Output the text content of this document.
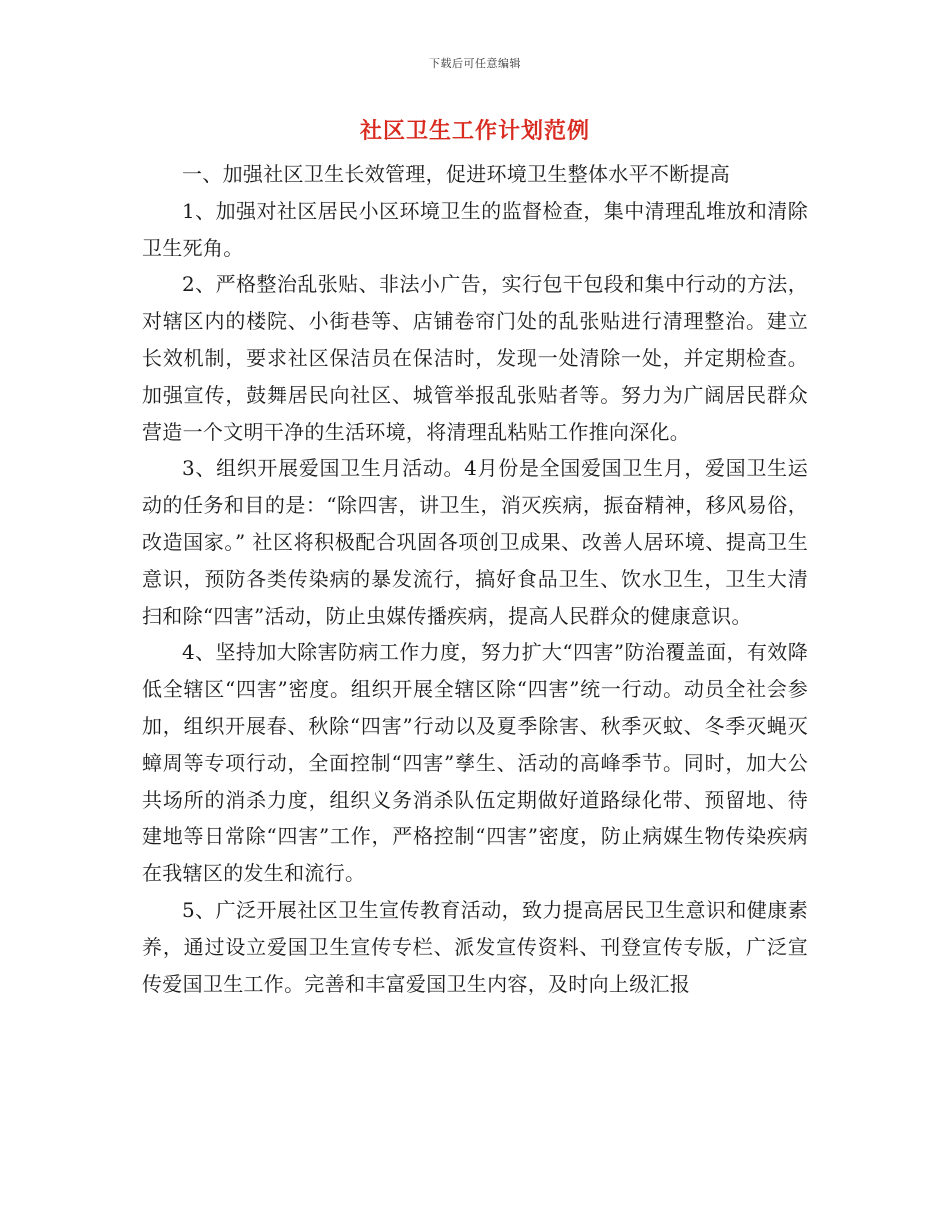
下载后可任意编辑
社区卫生工作计划范例

一、加强社区卫生长效管理，促进环境卫生整体水平不断提高

1、加强对社区居民小区环境卫生的监督检查，集中清理乱堆放和清除卫生死角。

2、严格整治乱张贴、非法小广告，实行包干包段和集中行动的方法，对辖区内的楼院、小街巷等、店铺卷帘门处的乱张贴进行清理整治。建立长效机制，要求社区保洁员在保洁时，发现一处清除一处，并定期检查。加强宣传，鼓舞居民向社区、城管举报乱张贴者等。努力为广阔居民群众营造一个文明干净的生活环境，将清理乱粘贴工作推向深化。

3、组织开展爱国卫生月活动。4月份是全国爱国卫生月，爱国卫生运动的任务和目的是：“除四害，讲卫生，消灭疾病，振奋精神，移风易俗，改造国家。” 社区将积极配合巩固各项创卫成果、改善人居环境、提高卫生意识，预防各类传染病的暴发流行，搞好食品卫生、饮水卫生，卫生大清扫和除“四害”活动，防止虫媒传播疾病，提高人民群众的健康意识。

4、坚持加大除害防病工作力度，努力扩大“四害”防治覆盖面，有效降低全辖区“四害”密度。组织开展全辖区除“四害”统一行动。动员全社会参加，组织开展春、秋除“四害”行动以及夏季除害、秋季灭蚊、冬季灭蝇灭蟑周等专项行动，全面控制“四害”孳生、活动的高峰季节。同时，加大公共场所的消杀力度，组织义务消杀队伍定期做好道路绿化带、预留地、待建地等日常除“四害”工作，严格控制“四害”密度，防止病媒生物传染疾病在我辖区的发生和流行。

5、广泛开展社区卫生宣传教育活动，致力提高居民卫生意识和健康素养，通过设立爱国卫生宣传专栏、派发宣传资料、刊登宣传专版，广泛宣传爱国卫生工作。完善和丰富爱国卫生内容，及时向上级汇报
